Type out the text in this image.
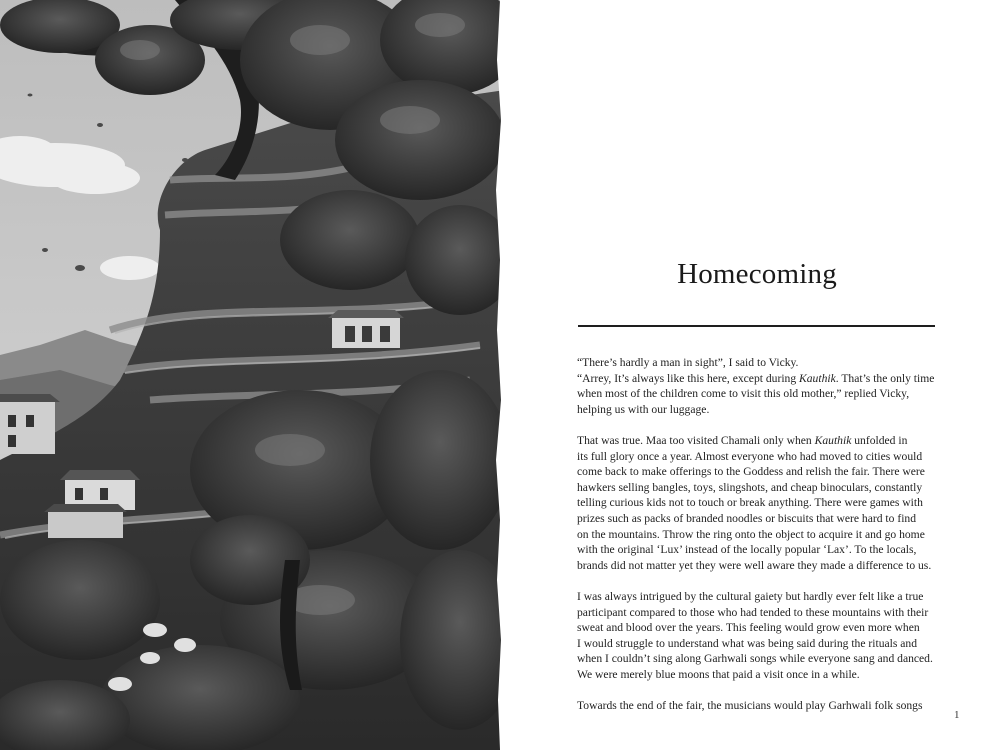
Homecoming

“There’s hardly a man in sight”, I said to Vicky.
“Arrey, It’s always like this here, except during Kauthik. That’s the only time
when most of the children come to visit this old mother,” replied Vicky,
helping us with our luggage.

That was true. Maa too visited Chamali only when Kauthik unfolded in
its full glory once a year. Almost everyone who had moved to cities would
come back to make offerings to the Goddess and relish the fair. There were
hawkers selling bangles, toys, slingshots, and cheap binoculars, constantly
telling curious kids not to touch or break anything. There were games with
prizes such as packs of branded noodles or biscuits that were hard to find
on the mountains. Throw the ring onto the object to acquire it and go home
with the original ‘Lux’ instead of the locally popular ‘Lax’. To the locals,
brands did not matter yet they were well aware they made a difference to us.

I was always intrigued by the cultural gaiety but hardly ever felt like a true
participant compared to those who had tended to these mountains with their
sweat and blood over the years. This feeling would grow even more when
I would struggle to understand what was being said during the rituals and
when I couldn’t sing along Garhwali songs while everyone sang and danced.
We were merely blue moons that paid a visit once in a while.

Towards the end of the fair, the musicians would play Garhwali folk songs

1
